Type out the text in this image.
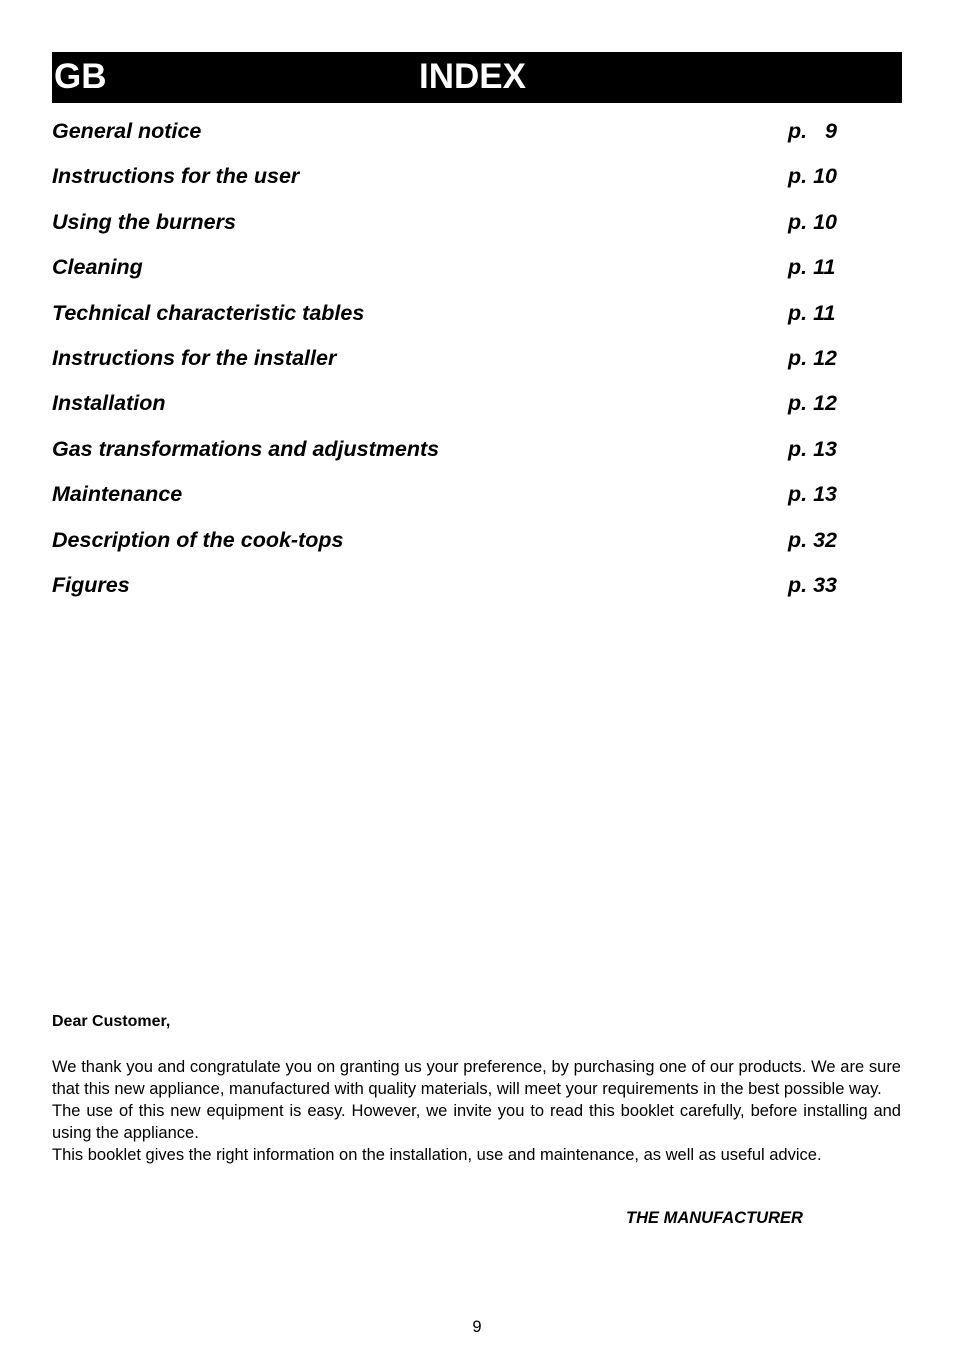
GB	INDEX
General notice	p.   9
Instructions for the user	p. 10
Using the burners	p. 10
Cleaning	p. 11
Technical characteristic tables	p. 11
Instructions for the installer	p. 12
Installation	p. 12
Gas transformations and adjustments	p. 13
Maintenance	p. 13
Description of the cook-tops	p. 32
Figures	p. 33
Dear Customer,

We thank you and congratulate you on granting us your preference, by purchasing one of our products. We are sure that this new appliance, manufactured with quality materials, will meet your requirements in the best possible way.

The use of this new equipment is easy. However, we invite you to read this booklet carefully, before installing and using the appliance.

This booklet gives the right information on the installation, use and maintenance, as well as useful advice.

THE MANUFACTURER
9
